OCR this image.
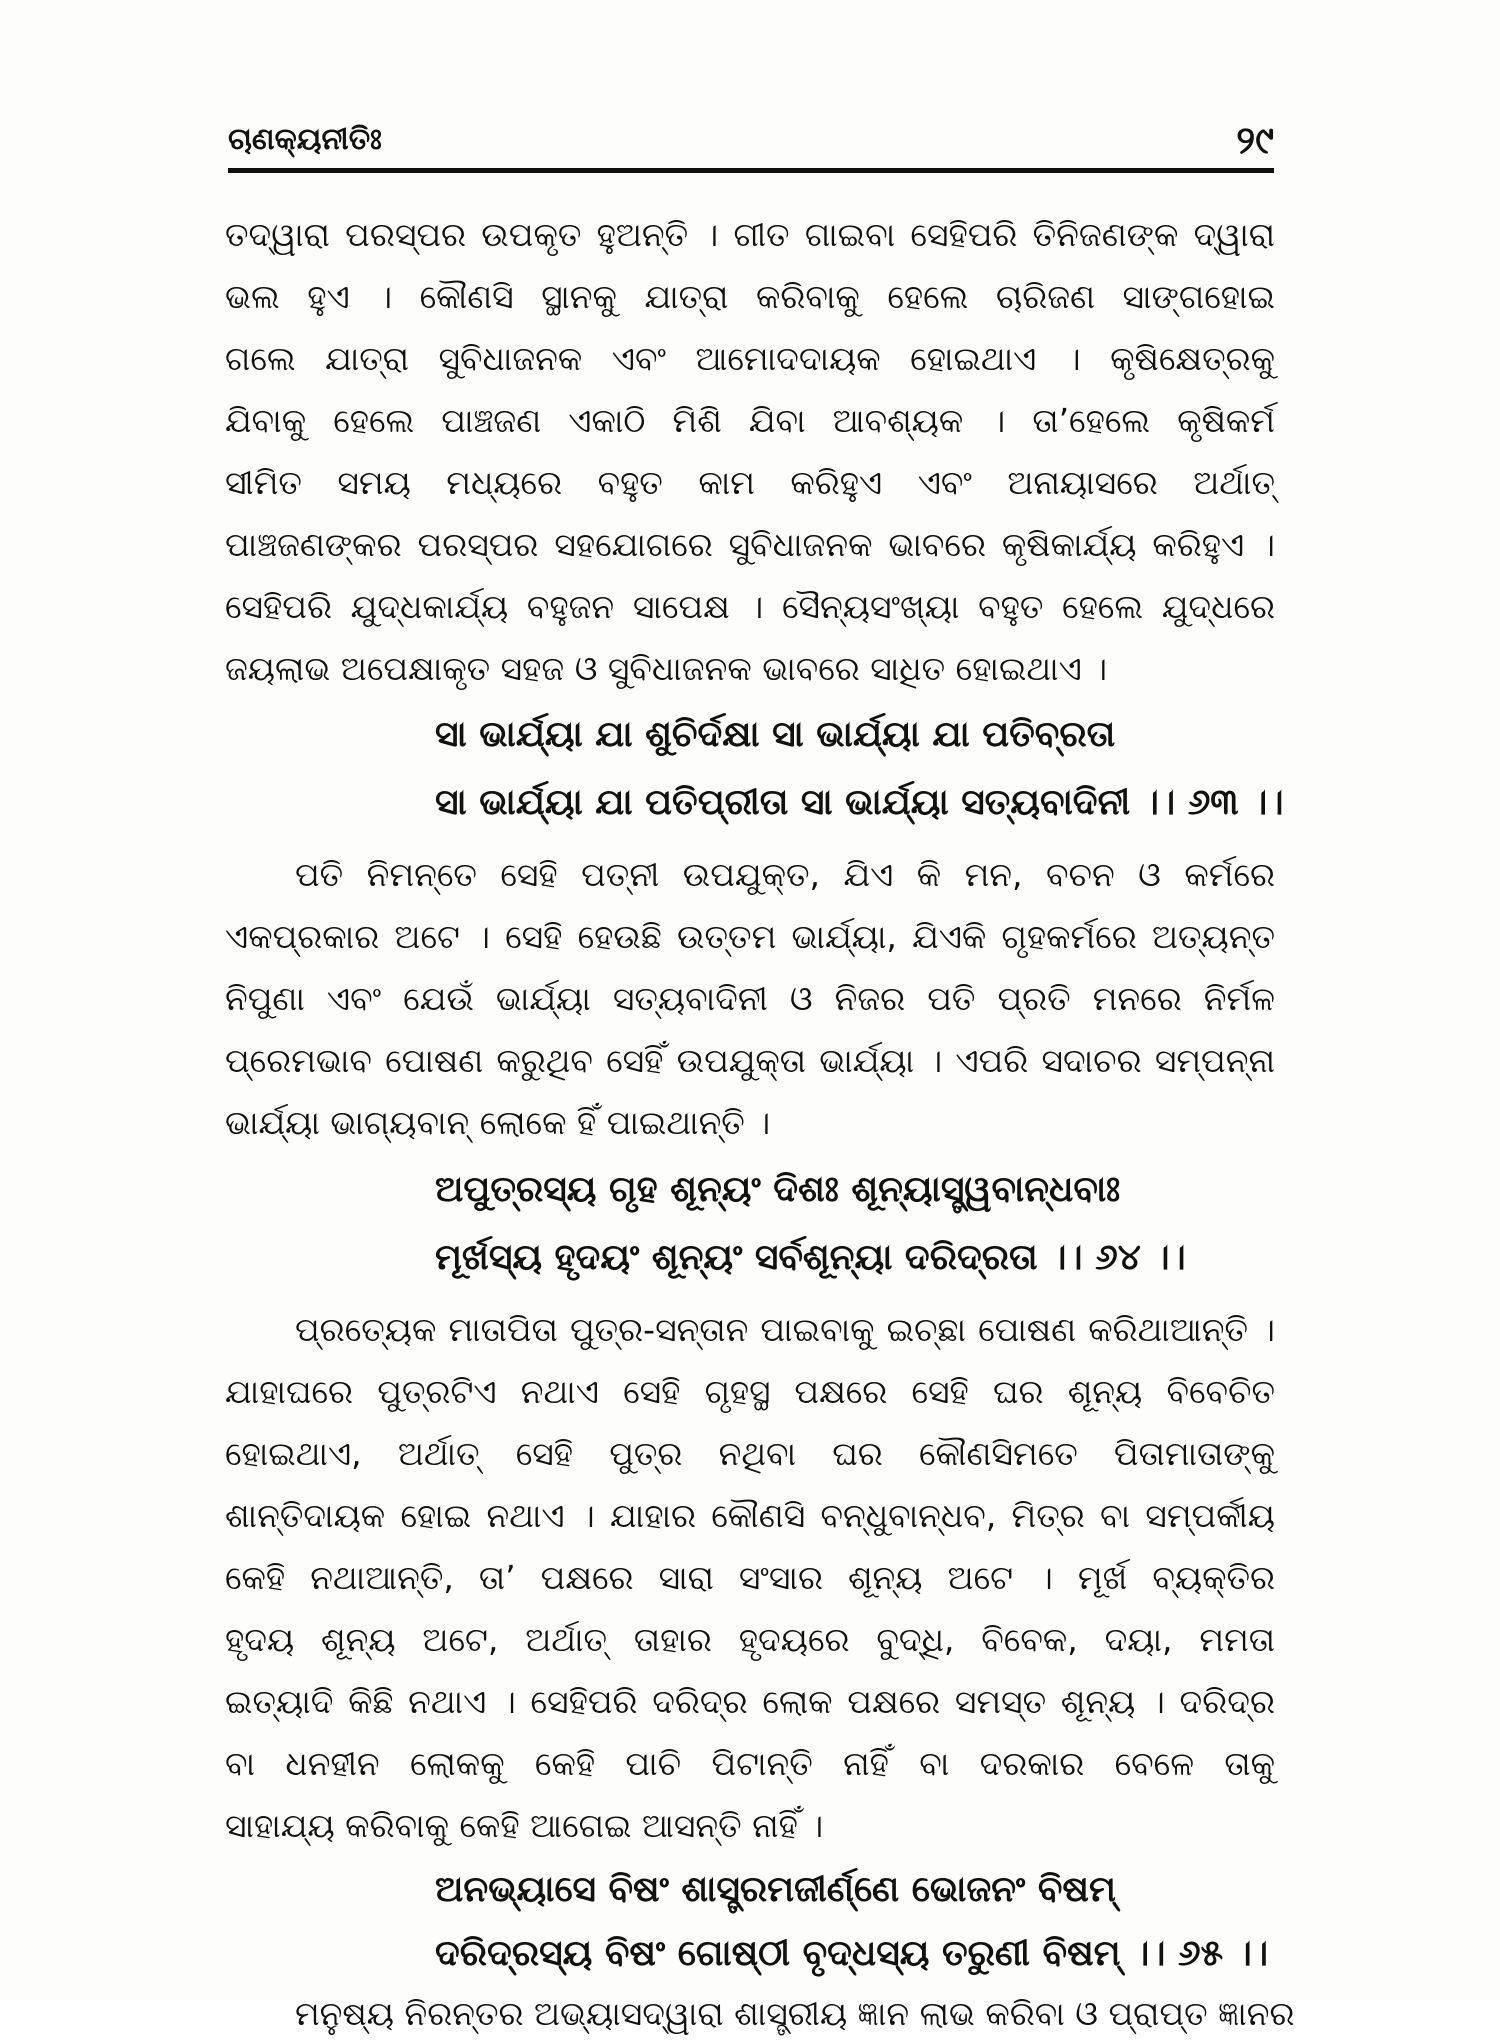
ଚାଣକ୍ୟନୀତିଃ	୨୯
ତଦ୍ୱାରା ପରସ୍ପର ଉପକୃତ ହୁଅନ୍ତି । ଗୀତ ଗାଇବା ସେହିପରି ତିନିଜଣଙ୍କ ଦ୍ୱାରା
ଭଲ ହୁଏ । କୌଣସି ସ୍ଥାନକୁ ଯାତ୍ରା କରିବାକୁ ହେଲେ ଚାରିଜଣ ସାଙ୍ଗହୋଇ
ଗଲେ ଯାତ୍ରା ସୁବିଧାଜନକ ଏବଂ ଆମୋଦଦାୟକ ହୋଇଥାଏ । କୃଷିକ୍ଷେତ୍ରକୁ
ଯିବାକୁ ହେଲେ ପାଞ୍ଚଜଣ ଏକାଠି ମିଶି ଯିବା ଆବଶ୍ୟକ । ତା’ହେଲେ କୃଷିକର୍ମ
ସୀମିତ ସମୟ ମଧ୍ୟରେ ବହୁତ କାମ କରିହୁଏ ଏବଂ ଅନାୟାସରେ ଅର୍ଥାତ୍
ପାଞ୍ଚଜଣଙ୍କର ପରସ୍ପର ସହଯୋଗରେ ସୁବିଧାଜନକ ଭାବରେ କୃଷିକାର୍ଯ୍ୟ କରିହୁଏ ।
ସେହିପରି ଯୁଦ୍ଧକାର୍ଯ୍ୟ ବହୁଜନ ସାପେକ୍ଷ । ସୈନ୍ୟସଂଖ୍ୟା ବହୁତ ହେଲେ ଯୁଦ୍ଧରେ
ଜୟଲାଭ ଅପେକ୍ଷାକୃତ ସହଜ ଓ ସୁବିଧାଜନକ ଭାବରେ ସାଧିତ ହୋଇଥାଏ ।
ସା ଭାର୍ଯ୍ୟା ଯା ଶୁଚିର୍ଦକ୍ଷା ସା ଭାର୍ଯ୍ୟା ଯା ପତିବ୍ରତା
ସା ଭାର୍ଯ୍ୟା ଯା ପତିପ୍ରୀତା ସା ଭାର୍ଯ୍ୟା ସତ୍ୟବାଦିନୀ ।। ୬୩ ।।
ପତି ନିମନ୍ତେ ସେହି ପତ୍ନୀ ଉପଯୁକ୍ତ, ଯିଏ କି ମନ, ବଚନ ଓ କର୍ମରେ
ଏକପ୍ରକାର ଅଟେ । ସେହି ହେଉଛି ଉତ୍ତମ ଭାର୍ଯ୍ୟା, ଯିଏକି ଗୃହକର୍ମରେ ଅତ୍ୟନ୍ତ
ନିପୁଣା ଏବଂ ଯେଉଁ ଭାର୍ଯ୍ୟା ସତ୍ୟବାଦିନୀ ଓ ନିଜର ପତି ପ୍ରତି ମନରେ ନିର୍ମଳ
ପ୍ରେମଭାବ ପୋଷଣ କରୁଥିବ ସେହିଁ ଉପଯୁକ୍ତା ଭାର୍ଯ୍ୟା । ଏପରି ସଦାଚର ସମ୍ପନ୍ନା
ଭାର୍ଯ୍ୟା ଭାଗ୍ୟବାନ୍ ଲୋକେ ହିଁ ପାଇଥାନ୍ତି ।
ଅପୁତ୍ରସ୍ୟ ଗୃହ ଶୂନ୍ୟଂ ଦିଶଃ ଶୂନ୍ୟାସ୍ତ୍ୱବାନ୍ଧବାଃ
ମୂର୍ଖସ୍ୟ ହୃଦୟଂ ଶୂନ୍ୟଂ ସର୍ବଶୂନ୍ୟା ଦରିଦ୍ରତା ।। ୬୪ ।।
ପ୍ରତ୍ୟେକ ମାତାପିତା ପୁତ୍ର-ସନ୍ତାନ ପାଇବାକୁ ଇଚ୍ଛା ପୋଷଣ କରିଥାଆନ୍ତି ।
ଯାହାଘରେ ପୁତ୍ରଟିଏ ନଥାଏ ସେହି ଗୃହସ୍ଥ ପକ୍ଷରେ ସେହି ଘର ଶୂନ୍ୟ ବିବେଚିତ
ହୋଇଥାଏ, ଅର୍ଥାତ୍ ସେହି ପୁତ୍ର ନଥିବା ଘର କୌଣସିମତେ ପିତାମାତାଙ୍କୁ
ଶାନ୍ତିଦାୟକ ହୋଇ ନଥାଏ । ଯାହାର କୌଣସି ବନ୍ଧୁବାନ୍ଧବ, ମିତ୍ର ବା ସମ୍ପର୍କୀୟ
କେହି ନଥାଆନ୍ତି, ତା’ ପକ୍ଷରେ ସାରା ସଂସାର ଶୂନ୍ୟ ଅଟେ । ମୂର୍ଖ ବ୍ୟକ୍ତିର
ହୃଦୟ ଶୂନ୍ୟ ଅଟେ, ଅର୍ଥାତ୍ ତାହାର ହୃଦୟରେ ବୁଦ୍ଧି, ବିବେକ, ଦୟା, ମମତା
ଇତ୍ୟାଦି କିଛି ନଥାଏ । ସେହିପରି ଦରିଦ୍ର ଲୋକ ପକ୍ଷରେ ସମସ୍ତ ଶୂନ୍ୟ । ଦରିଦ୍ର
ବା ଧନହୀନ ଲୋକକୁ କେହି ପାଚି ପିଟାନ୍ତି ନାହିଁ ବା ଦରକାର ବେଳେ ତାକୁ
ସାହାଯ୍ୟ କରିବାକୁ କେହି ଆଗେଇ ଆସନ୍ତି ନାହିଁ ।
ଅନଭ୍ୟାସେ ବିଷଂ ଶାସ୍ତ୍ରମଜୀର୍ଣ୍ଣେ ଭୋଜନଂ ବିଷମ୍
ଦରିଦ୍ରସ୍ୟ ବିଷଂ ଗୋଷ୍ଠୀ ବୃଦ୍ଧସ୍ୟ ତରୁଣୀ ବିଷମ୍ ।। ୬୫ ।।
ମନୁଷ୍ୟ ନିରନ୍ତର ଅଭ୍ୟାସଦ୍ୱାରା ଶାସ୍ତ୍ରୀୟ ଜ୍ଞାନ ଲାଭ କରିବା ଓ ପ୍ରାପ୍ତ ଜ୍ଞାନର
